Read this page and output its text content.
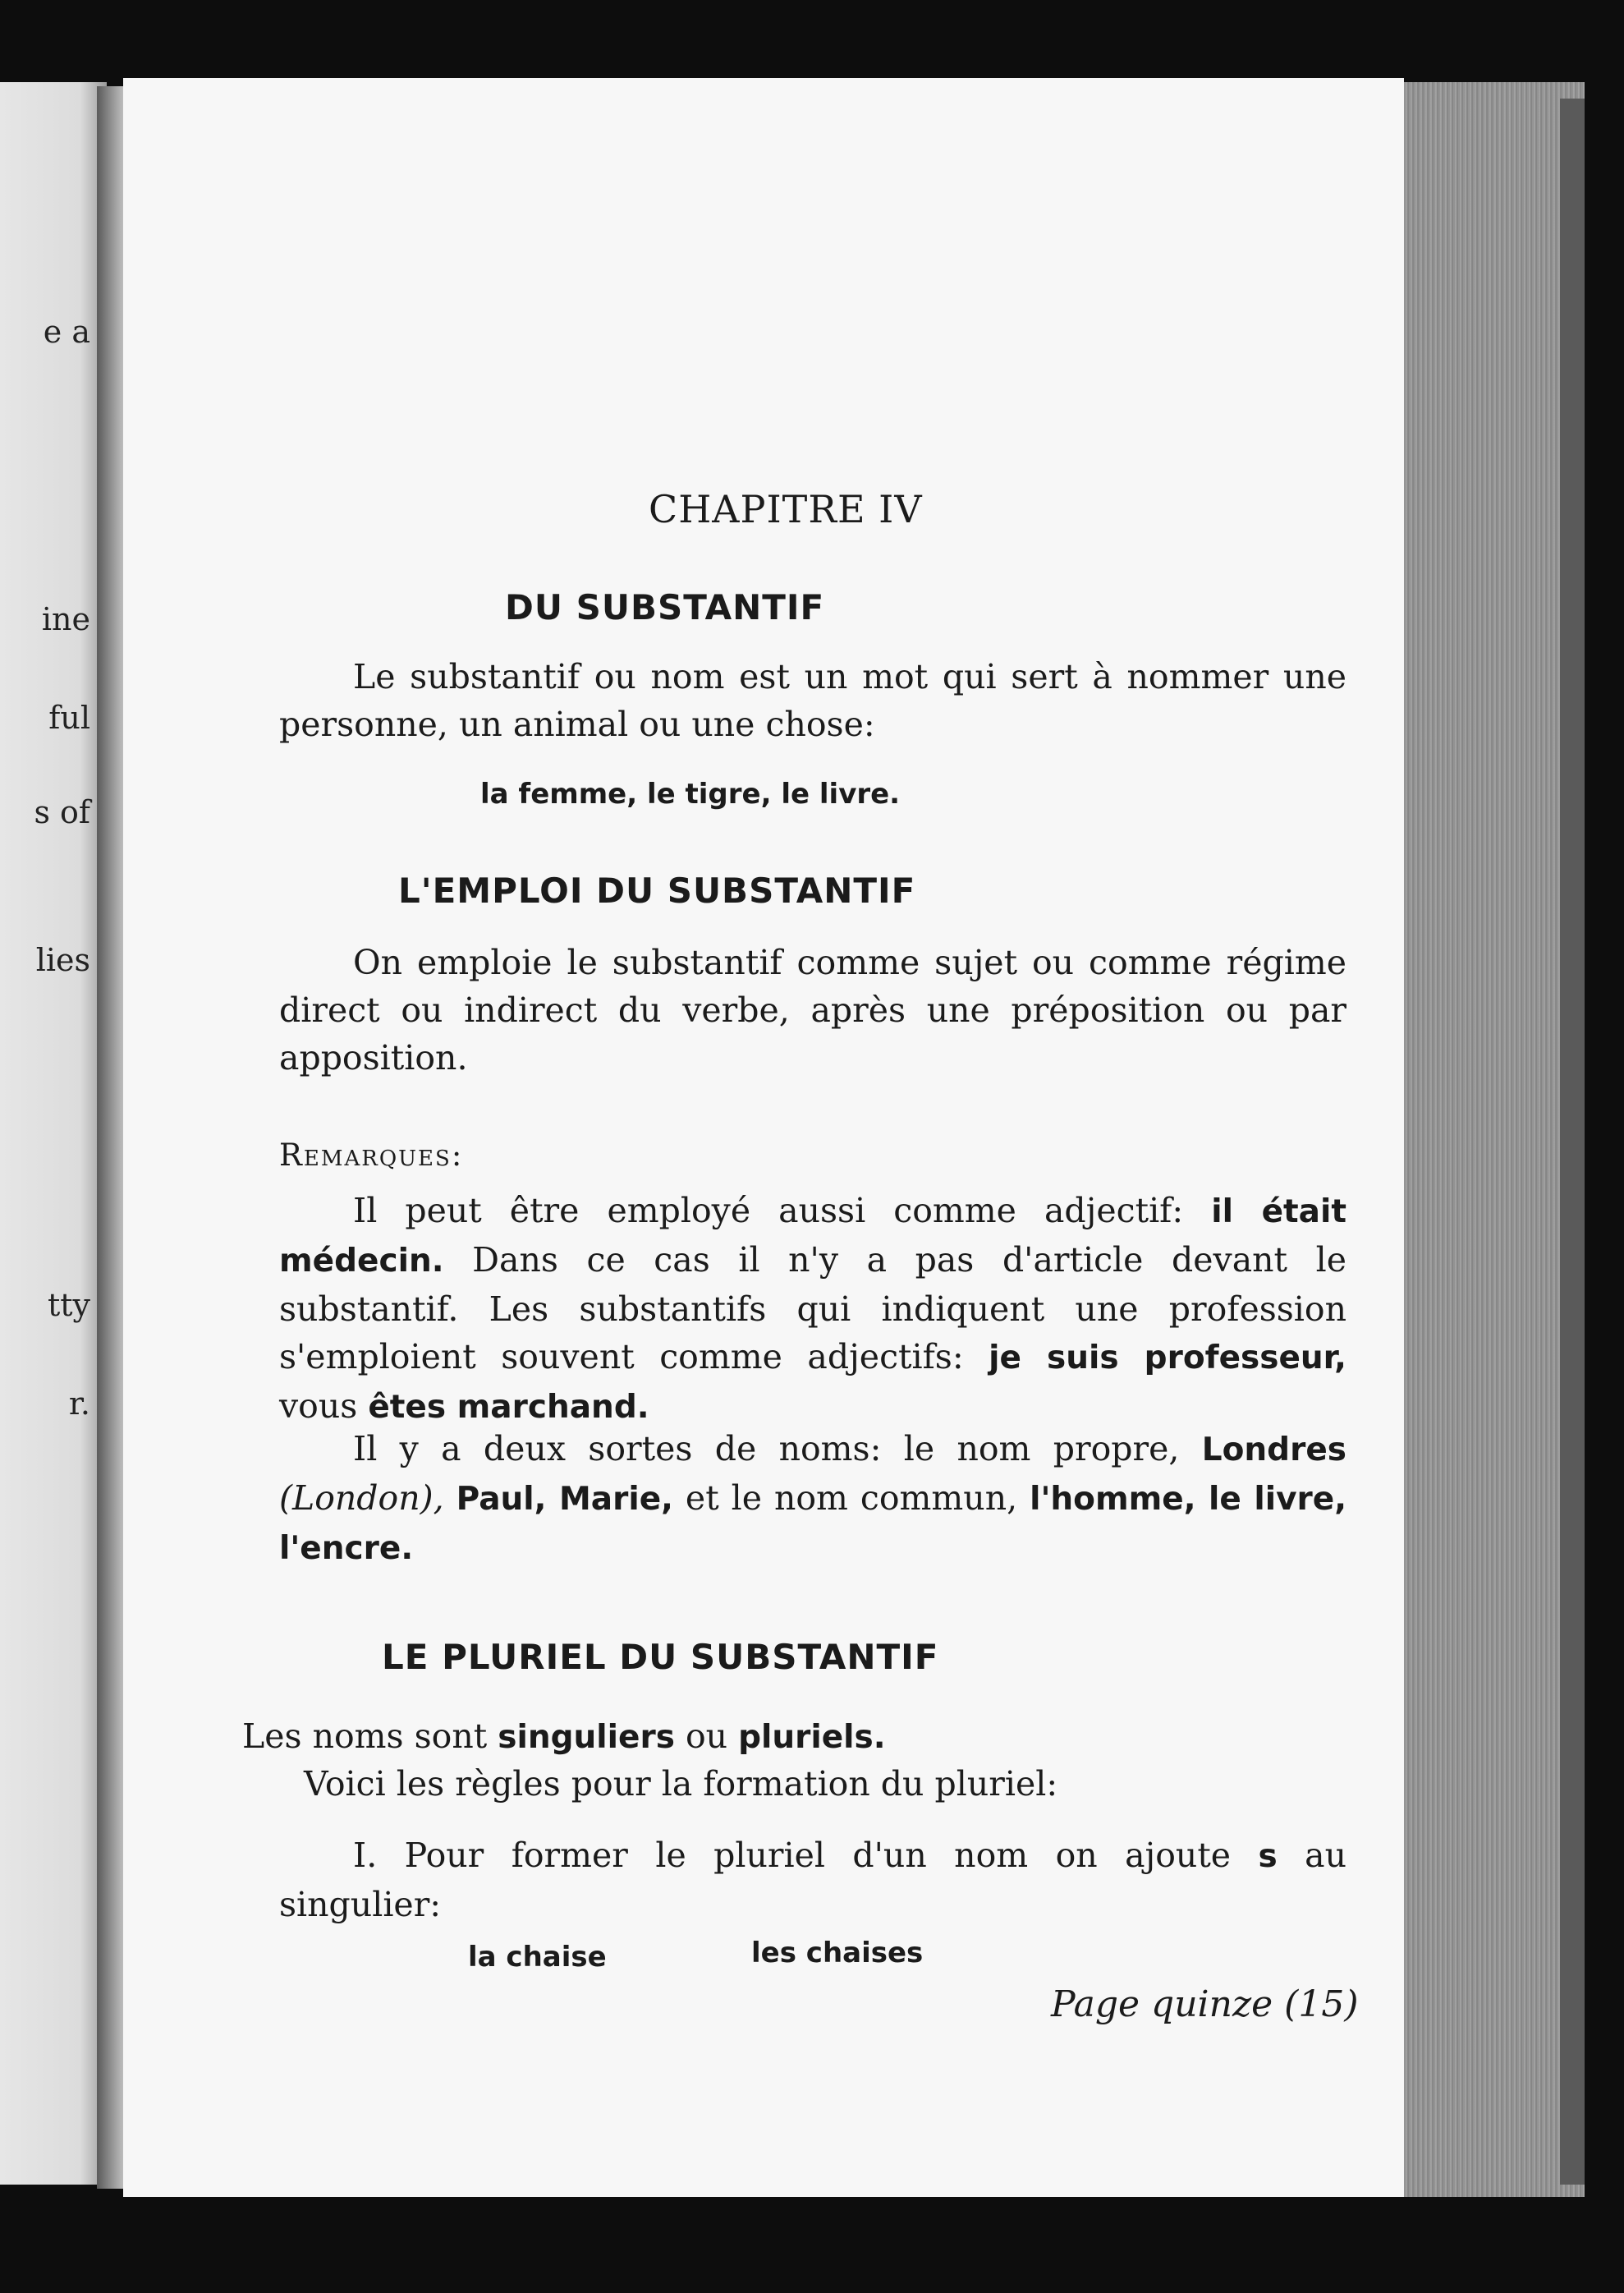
e a
ine
ful
s of
lies
tty
r.
CHAPITRE IV
DU SUBSTANTIF

Le substantif ou nom est un mot qui sert à nommer une personne, un animal ou une chose:

la femme, le tigre, le livre.
L'EMPLOI DU SUBSTANTIF

On emploie le substantif comme sujet ou comme régime direct ou indirect du verbe, après une préposition ou par apposition.

Remarques:

Il peut être employé aussi comme adjectif: il était médecin. Dans ce cas il n'y a pas d'article devant le substantif. Les substantifs qui indiquent une profession s'emploient souvent comme adjectifs: je suis professeur, vous êtes marchand.

Il y a deux sortes de noms: le nom propre, Londres (London), Paul, Marie, et le nom commun, l'homme, le livre, l'encre.

LE PLURIEL DU SUBSTANTIF

Les noms sont singuliers ou pluriels.

Voici les règles pour la formation du pluriel:

I. Pour former le pluriel d'un nom on ajoute s au singulier:

la chaise	les chaises
Page quinze (15)
